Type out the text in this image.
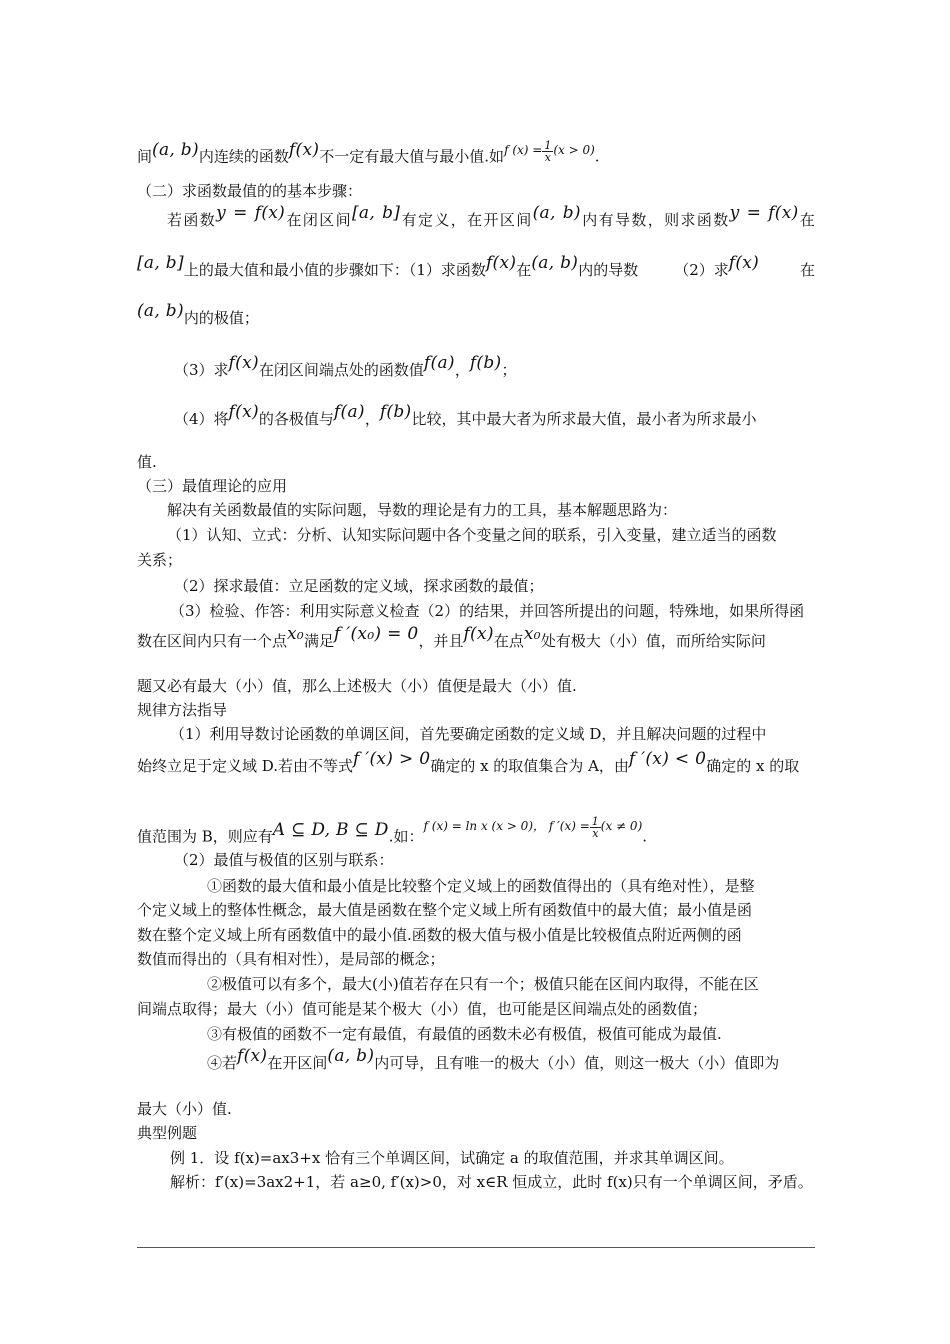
间(a, b)内连续的函数f(x)不一定有最大值与最小值.如$^{f (x) =} \frac{1}{x} ^{(x > 0)}$.
（二）求函数最值的的基本步骤：
若函数y = f(x)在闭区间[a, b]有定义，在开区间(a, b)内有导数，则求函数y = f(x)在
[a, b]上的最大值和最小值的步骤如下：（1）求函数f(x)在(a, b)内的导数 （2）求f(x)	在
(a, b)内的极值；
（3）求f(x)在闭区间端点处的函数值f(a)，f(b)；
（4）将f(x)的各极值与f(a)，f(b)比较，其中最大者为所求最大值，最小者为所求最小
值.
（三）最值理论的应用
解决有关函数最值的实际问题，导数的理论是有力的工具，基本解题思路为：
（1）认知、立式：分析、认知实际问题中各个变量之间的联系，引入变量，建立适当的函数
关系；
（2）探求最值：立足函数的定义域，探求函数的最值；
（3）检验、作答：利用实际意义检查（2）的结果，并回答所提出的问题，特殊地，如果所得函
数在区间内只有一个点x₀满足f ′(x₀) = 0，并且f(x)在点x₀处有极大（小）值，而所给实际问
题又必有最大（小）值，那么上述极大（小）值便是最大（小）值.
规律方法指导
（1）利用导数讨论函数的单调区间，首先要确定函数的定义域 D，并且解决问题的过程中
始终立足于定义域 D.若由不等式f ′(x) > 0确定的 x 的取值集合为 A，由f ′(x) < 0确定的 x 的取
值范围为 B，则应有A ⊆ D, B ⊆ D.如：$^{f (x) = ln x (x > 0), f '(x) =} \frac{1}{x} ^{(x \ne 0)}$.
（2）最值与极值的区别与联系：
①函数的最大值和最小值是比较整个定义域上的函数值得出的（具有绝对性），是整
个定义域上的整体性概念，最大值是函数在整个定义域上所有函数值中的最大值；最小值是函
数在整个定义域上所有函数值中的最小值.函数的极大值与极小值是比较极值点附近两侧的函
数值而得出的（具有相对性），是局部的概念；
②极值可以有多个，最大(小)值若存在只有一个；极值只能在区间内取得，不能在区
间端点取得；最大（小）值可能是某个极大（小）值，也可能是区间端点处的函数值；
③有极值的函数不一定有最值，有最值的函数未必有极值，极值可能成为最值.
④若f(x)在开区间(a, b)内可导，且有唯一的极大（小）值，则这一极大（小）值即为
最大（小）值.
典型例题
例 1．设 f(x)=ax3+x 恰有三个单调区间，试确定 a 的取值范围，并求其单调区间。
解析：f′(x)=3ax2+1，若 a≥0, f′(x)>0，对 x∈R 恒成立，此时 f(x)只有一个单调区间，矛盾。
